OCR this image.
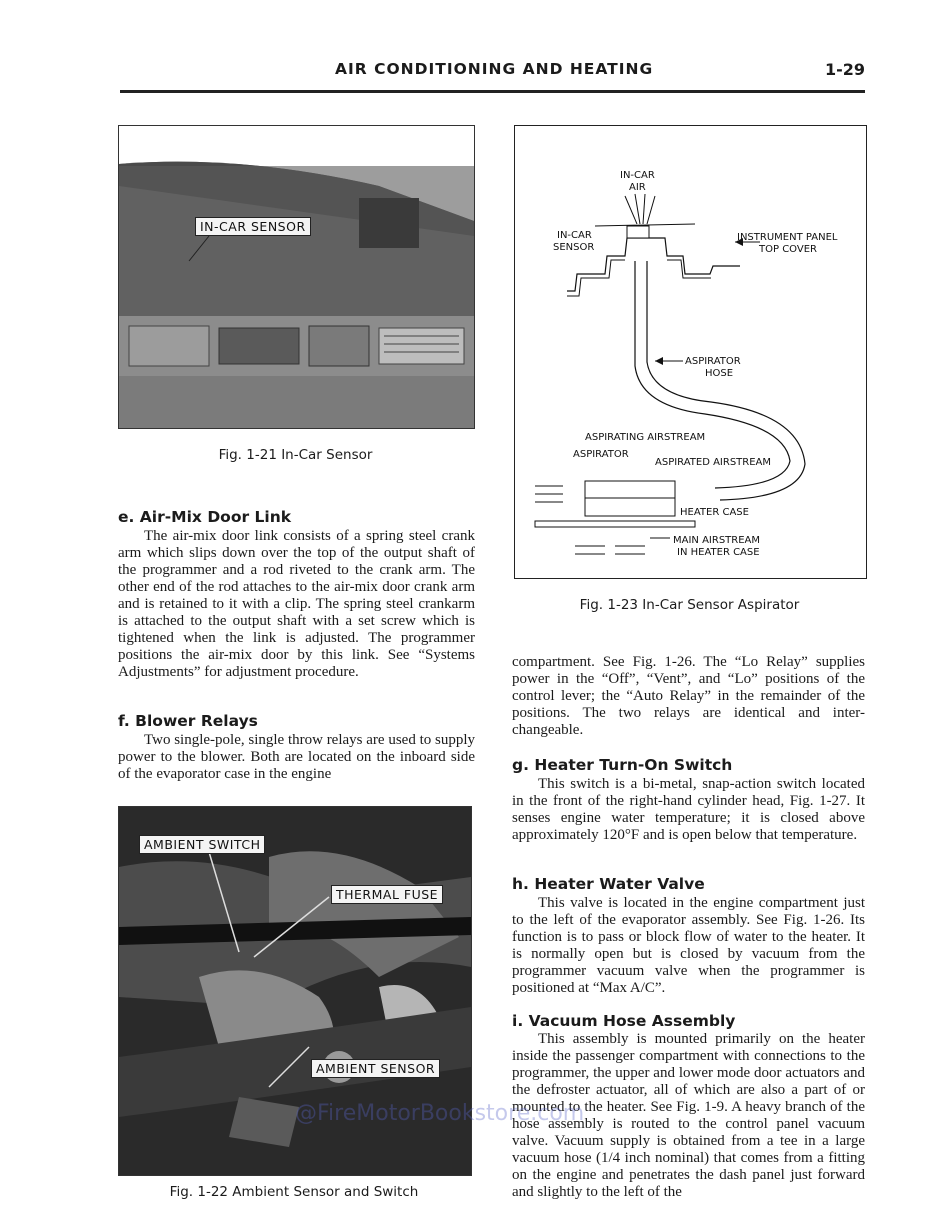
AIR CONDITIONING AND HEATING	1-29
IN-CAR SENSOR
Fig. 1-21 In-Car Sensor
e. Air-Mix Door Link

The air-mix door link consists of a spring steel crank arm which slips down over the top of the output shaft of the programmer and a rod riveted to the crank arm. The other end of the rod attaches to the air-mix door crank arm and is retained to it with a clip. The spring steel crankarm is attached to the output shaft with a set screw which is tightened when the link is adjusted. The programmer positions the air-mix door by this link. See “Systems Adjustments” for adjustment procedure.

f. Blower Relays

Two single-pole, single throw relays are used to supply power to the blower. Both are located on the inboard side of the evaporator case in the engine

AMBIENT SWITCH
THERMAL FUSE
AMBIENT SENSOR
Fig. 1-22 Ambient Sensor and Switch
IN-CAR
AIR
IN-CAR
SENSOR
INSTRUMENT PANEL
TOP COVER
ASPIRATOR
HOSE
ASPIRATING AIRSTREAM
ASPIRATOR
ASPIRATED AIRSTREAM
HEATER CASE
MAIN AIRSTREAM
IN HEATER CASE
Fig. 1-23 In-Car Sensor Aspirator

compartment. See Fig. 1-26. The “Lo Relay” supplies power in the “Off”, “Vent”, and “Lo” positions of the control lever; the “Auto Relay” in the remainder of the positions. The two relays are identical and inter-changeable.

g. Heater Turn-On Switch

This switch is a bi-metal, snap-action switch located in the front of the right-hand cylinder head, Fig. 1-27. It senses engine water temperature; it is closed above approximately 120°F and is open below that temperature.

h. Heater Water Valve

This valve is located in the engine compartment just to the left of the evaporator assembly. See Fig. 1-26. Its function is to pass or block flow of water to the heater. It is normally open but is closed by vacuum from the programmer vacuum valve when the programmer is positioned at “Max A/C”.

i. Vacuum Hose Assembly

This assembly is mounted primarily on the heater inside the passenger compartment with connections to the programmer, the upper and lower mode door actuators and the defroster actuator, all of which are also a part of or mounted to the heater. See Fig. 1-9. A heavy branch of the hose assembly is routed to the control panel vacuum valve. Vacuum supply is obtained from a tee in a large vacuum hose (1/4 inch nominal) that comes from a fitting on the engine and penetrates the dash panel just forward and slightly to the left of the

@FireMotorBookstore.com
